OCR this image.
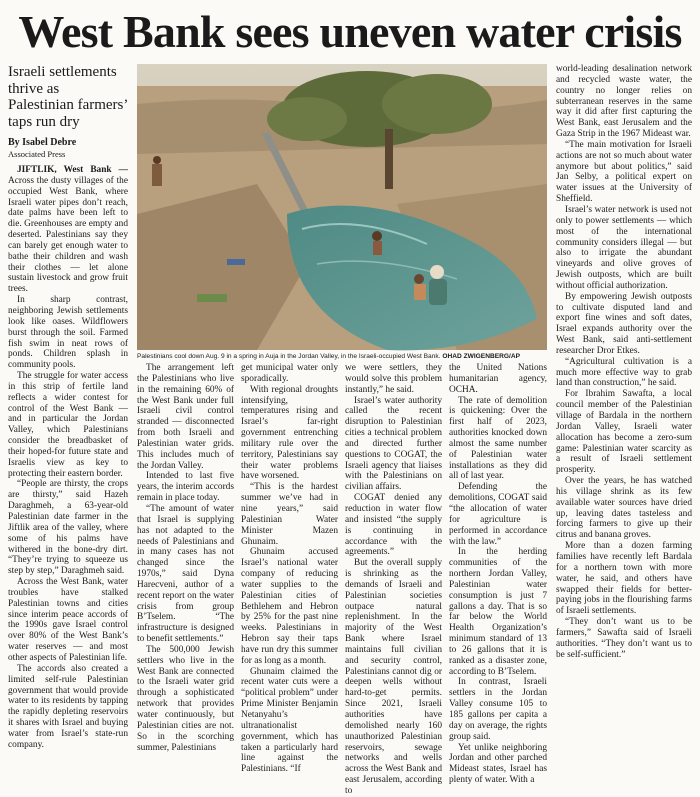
West Bank sees uneven water crisis
Israeli settlements thrive as Palestinian farmers’ taps run dry
By Isabel Debre
Associated Press

JIFTLIK, West Bank — Across the dusty villages of the occupied West Bank, where Israeli water pipes don’t reach, date palms have been left to die. Greenhouses are empty and deserted. Palestinians say they can barely get enough water to bathe their children and wash their clothes — let alone sustain livestock and grow fruit trees.

In sharp contrast, neighboring Jewish settlements look like oases. Wildflowers burst through the soil. Farmed fish swim in neat rows of ponds. Children splash in community pools.

The struggle for water access in this strip of fertile land reflects a wider contest for control of the West Bank — and in particular the Jordan Valley, which Palestinians consider the breadbasket of their hoped-for future state and Israelis view as key to protecting their eastern border.

“People are thirsty, the crops are thirsty,” said Hazeh Daraghmeh, a 63-year-old Palestinian date farmer in the Jiftlik area of the valley, where some of his palms have withered in the bone-dry dirt. “They’re trying to squeeze us step by step,” Daraghmeh said.

Across the West Bank, water troubles have stalked Palestinian towns and cities since interim peace accords of the 1990s gave Israel control over 80% of the West Bank’s water reserves — and most other aspects of Palestinian life.

The accords also created a limited self-rule Palestinian government that would provide water to its residents by tapping the rapidly depleting reservoirs it shares with Israel and buying water from Israel’s state-run company.

Palestinians cool down Aug. 9 in a spring in Auja in the Jordan Valley, in the Israeli-occupied West Bank. OHAD ZWIGENBERG/AP

The arrangement left the Palestinians who live in the remaining 60% of the West Bank under full Israeli civil control stranded — disconnected from both Israeli and Palestinian water grids. This includes much of the Jordan Valley.

Intended to last five years, the interim accords remain in place today.

“The amount of water that Israel is supplying has not adapted to the needs of Palestinians and in many cases has not changed since the 1970s,” said Dyna Harecveni, author of a recent report on the water crisis from group B’Tselem. “The infrastructure is designed to benefit settlements.”

The 500,000 Jewish settlers who live in the West Bank are connected to the Israeli water grid through a sophisticated network that provides water continuously, but Palestinian cities are not. So in the scorching summer, Palestinians

get municipal water only sporadically.

With regional droughts intensifying, temperatures rising and Israel’s far-right government entrenching military rule over the territory, Palestinians say their water problems have worsened.

“This is the hardest summer we’ve had in nine years,” said Palestinian Water Minister Mazen Ghunaim.

Ghunaim accused Israel’s national water company of reducing water supplies to the Palestinian cities of Bethlehem and Hebron by 25% for the past nine weeks. Palestinians in Hebron say their taps have run dry this summer for as long as a month.

Ghunaim claimed the recent water cuts were a “political problem” under Prime Minister Benjamin Netanyahu’s ultranationalist government, which has taken a particularly hard line against the Palestinians. “If

we were settlers, they would solve this problem instantly,” he said.

Israel’s water authority called the recent disruption to Palestinian cities a technical problem and directed further questions to COGAT, the Israeli agency that liaises with the Palestinians on civilian affairs.

COGAT denied any reduction in water flow and insisted “the supply is continuing in accordance with the agreements.”

But the overall supply is shrinking as the demands of Israeli and Palestinian societies outpace natural replenishment. In the majority of the West Bank where Israel maintains full civilian and security control, Palestinians cannot dig or deepen wells without hard-to-get permits. Since 2021, Israeli authorities have demolished nearly 160 unauthorized Palestinian reservoirs, sewage networks and wells across the West Bank and east Jerusalem, according to

the United Nations humanitarian agency, OCHA.

The rate of demolition is quickening: Over the first half of 2023, authorities knocked down almost the same number of Palestinian water installations as they did all of last year.

Defending the demolitions, COGAT said “the allocation of water for agriculture is performed in accordance with the law.”

In the herding communities of the northern Jordan Valley, Palestinian water consumption is just 7 gallons a day. That is so far below the World Health Organization’s minimum standard of 13 to 26 gallons that it is ranked as a disaster zone, according to B’Tselem.

In contrast, Israeli settlers in the Jordan Valley consume 105 to 185 gallons per capita a day on average, the rights group said.

Yet unlike neighboring Jordan and other parched Mideast states, Israel has plenty of water. With a

world-leading desalination network and recycled waste water, the country no longer relies on subterranean reserves in the same way it did after first capturing the West Bank, east Jerusalem and the Gaza Strip in the 1967 Mideast war.

“The main motivation for Israeli actions are not so much about water anymore but about politics,” said Jan Selby, a political expert on water issues at the University of Sheffield.

Israel’s water network is used not only to power settlements — which most of the international community considers illegal — but also to irrigate the abundant vineyards and olive groves of Jewish outposts, which are built without official authorization.

By empowering Jewish outposts to cultivate disputed land and export fine wines and soft dates, Israel expands authority over the West Bank, said anti-settlement researcher Dror Etkes.

“Agricultural cultivation is a much more effective way to grab land than construction,” he said.

For Ibrahim Sawafta, a local council member of the Palestinian village of Bardala in the northern Jordan Valley, Israeli water allocation has become a zero-sum game: Palestinian water scarcity as a result of Israeli settlement prosperity.

Over the years, he has watched his village shrink as its few available water sources have dried up, leaving dates tasteless and forcing farmers to give up their citrus and banana groves.

More than a dozen farming families have recently left Bardala for a northern town with more water, he said, and others have swapped their fields for better-paying jobs in the flourishing farms of Israeli settlements.

“They don’t want us to be farmers,” Sawafta said of Israeli authorities. “They don’t want us to be self-sufficient.”
